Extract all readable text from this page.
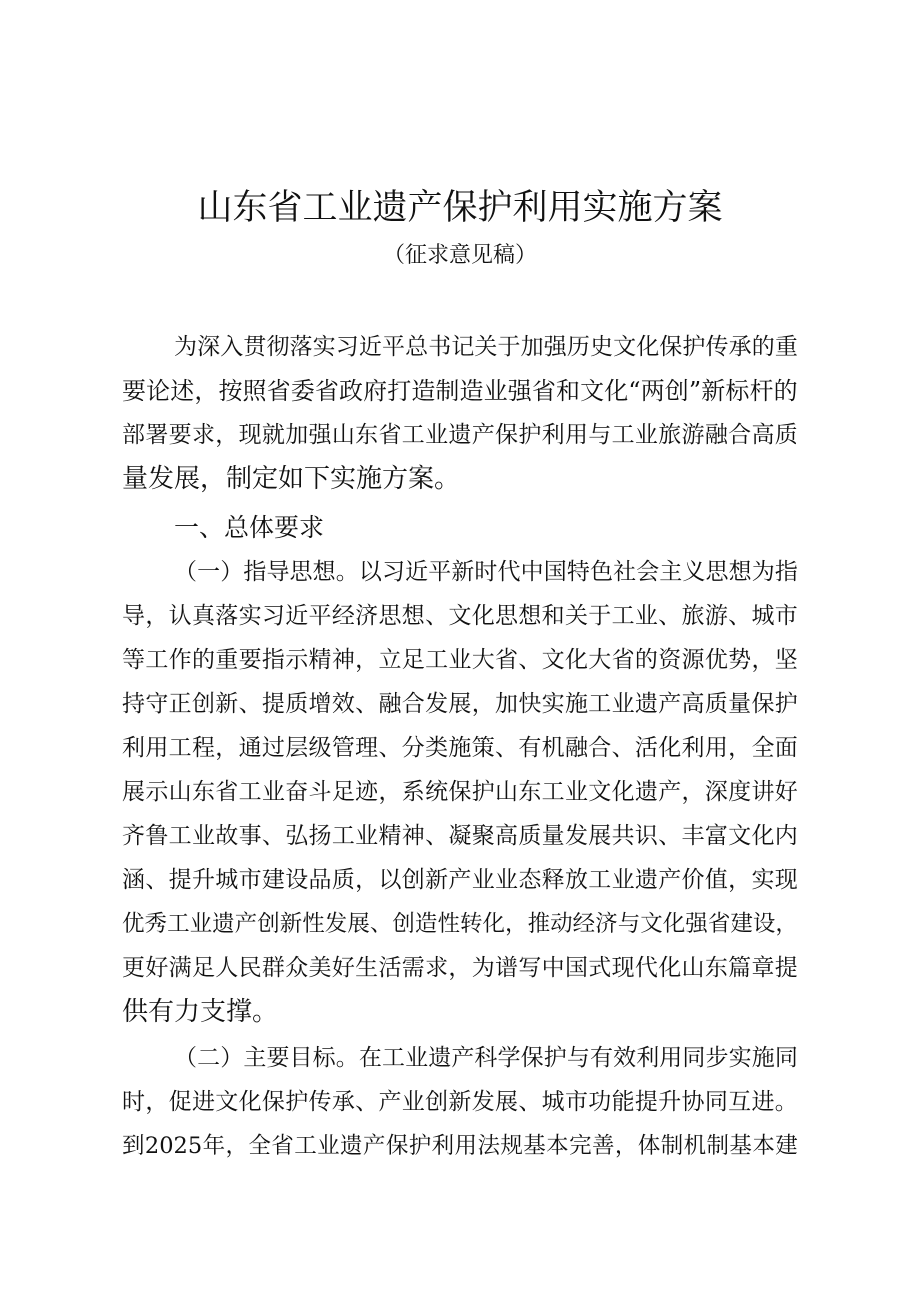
山东省工业遗产保护利用实施方案
（征求意见稿）
为 深 入 贯 彻 落 实 习 近 平 总 书 记 关 于 加 强 历 史 文 化 保 护 传 承 的 重
要 论 述 ， 按 照 省 委 省 政 府 打 造 制 造 业 强 省 和 文 化 “ 两 创 ” 新 标 杆 的
部 署 要 求 ， 现 就 加 强 山 东 省 工 业 遗 产 保 护 利 用 与 工 业 旅 游 融 合 高 质
量发展，制定如下实施方案。
一、总体要求
（ 一 ） 指 导 思 想 。 以 习 近 平 新 时 代 中 国 特 色 社 会 主 义 思 想 为 指
导 ， 认 真 落 实 习 近 平 经 济 思 想 、 文 化 思 想 和 关 于 工 业 、 旅 游 、 城 市
等 工 作 的 重 要 指 示 精 神 ， 立 足 工 业 大 省 、 文 化 大 省 的 资 源 优 势 ， 坚
持 守 正 创 新 、 提 质 增 效 、 融 合 发 展 ， 加 快 实 施 工 业 遗 产 高 质 量 保 护
利 用 工 程 ， 通 过 层 级 管 理 、 分 类 施 策 、 有 机 融 合 、 活 化 利 用 ， 全 面
展 示 山 东 省 工 业 奋 斗 足 迹 ， 系 统 保 护 山 东 工 业 文 化 遗 产 ， 深 度 讲 好
齐 鲁 工 业 故 事 、 弘 扬 工 业 精 神 、 凝 聚 高 质 量 发 展 共 识 、 丰 富 文 化 内
涵 、 提 升 城 市 建 设 品 质 ， 以 创 新 产 业 业 态 释 放 工 业 遗 产 价 值 ， 实 现
优 秀 工 业 遗 产 创 新 性 发 展 、 创 造 性 转 化 ， 推 动 经 济 与 文 化 强 省 建 设 ，
更 好 满 足 人 民 群 众 美 好 生 活 需 求 ， 为 谱 写 中 国 式 现 代 化 山 东 篇 章 提
供有力支撑。
（ 二 ） 主 要 目 标 。 在 工 业 遗 产 科 学 保 护 与 有 效 利 用 同 步 实 施 同
时 ， 促 进 文 化 保 护 传 承 、 产 业 创 新 发 展 、 城 市 功 能 提 升 协 同 互 进 。
到 2025 年 ， 全 省 工 业 遗 产 保 护 利 用 法 规 基 本 完 善 ， 体 制 机 制 基 本 建
